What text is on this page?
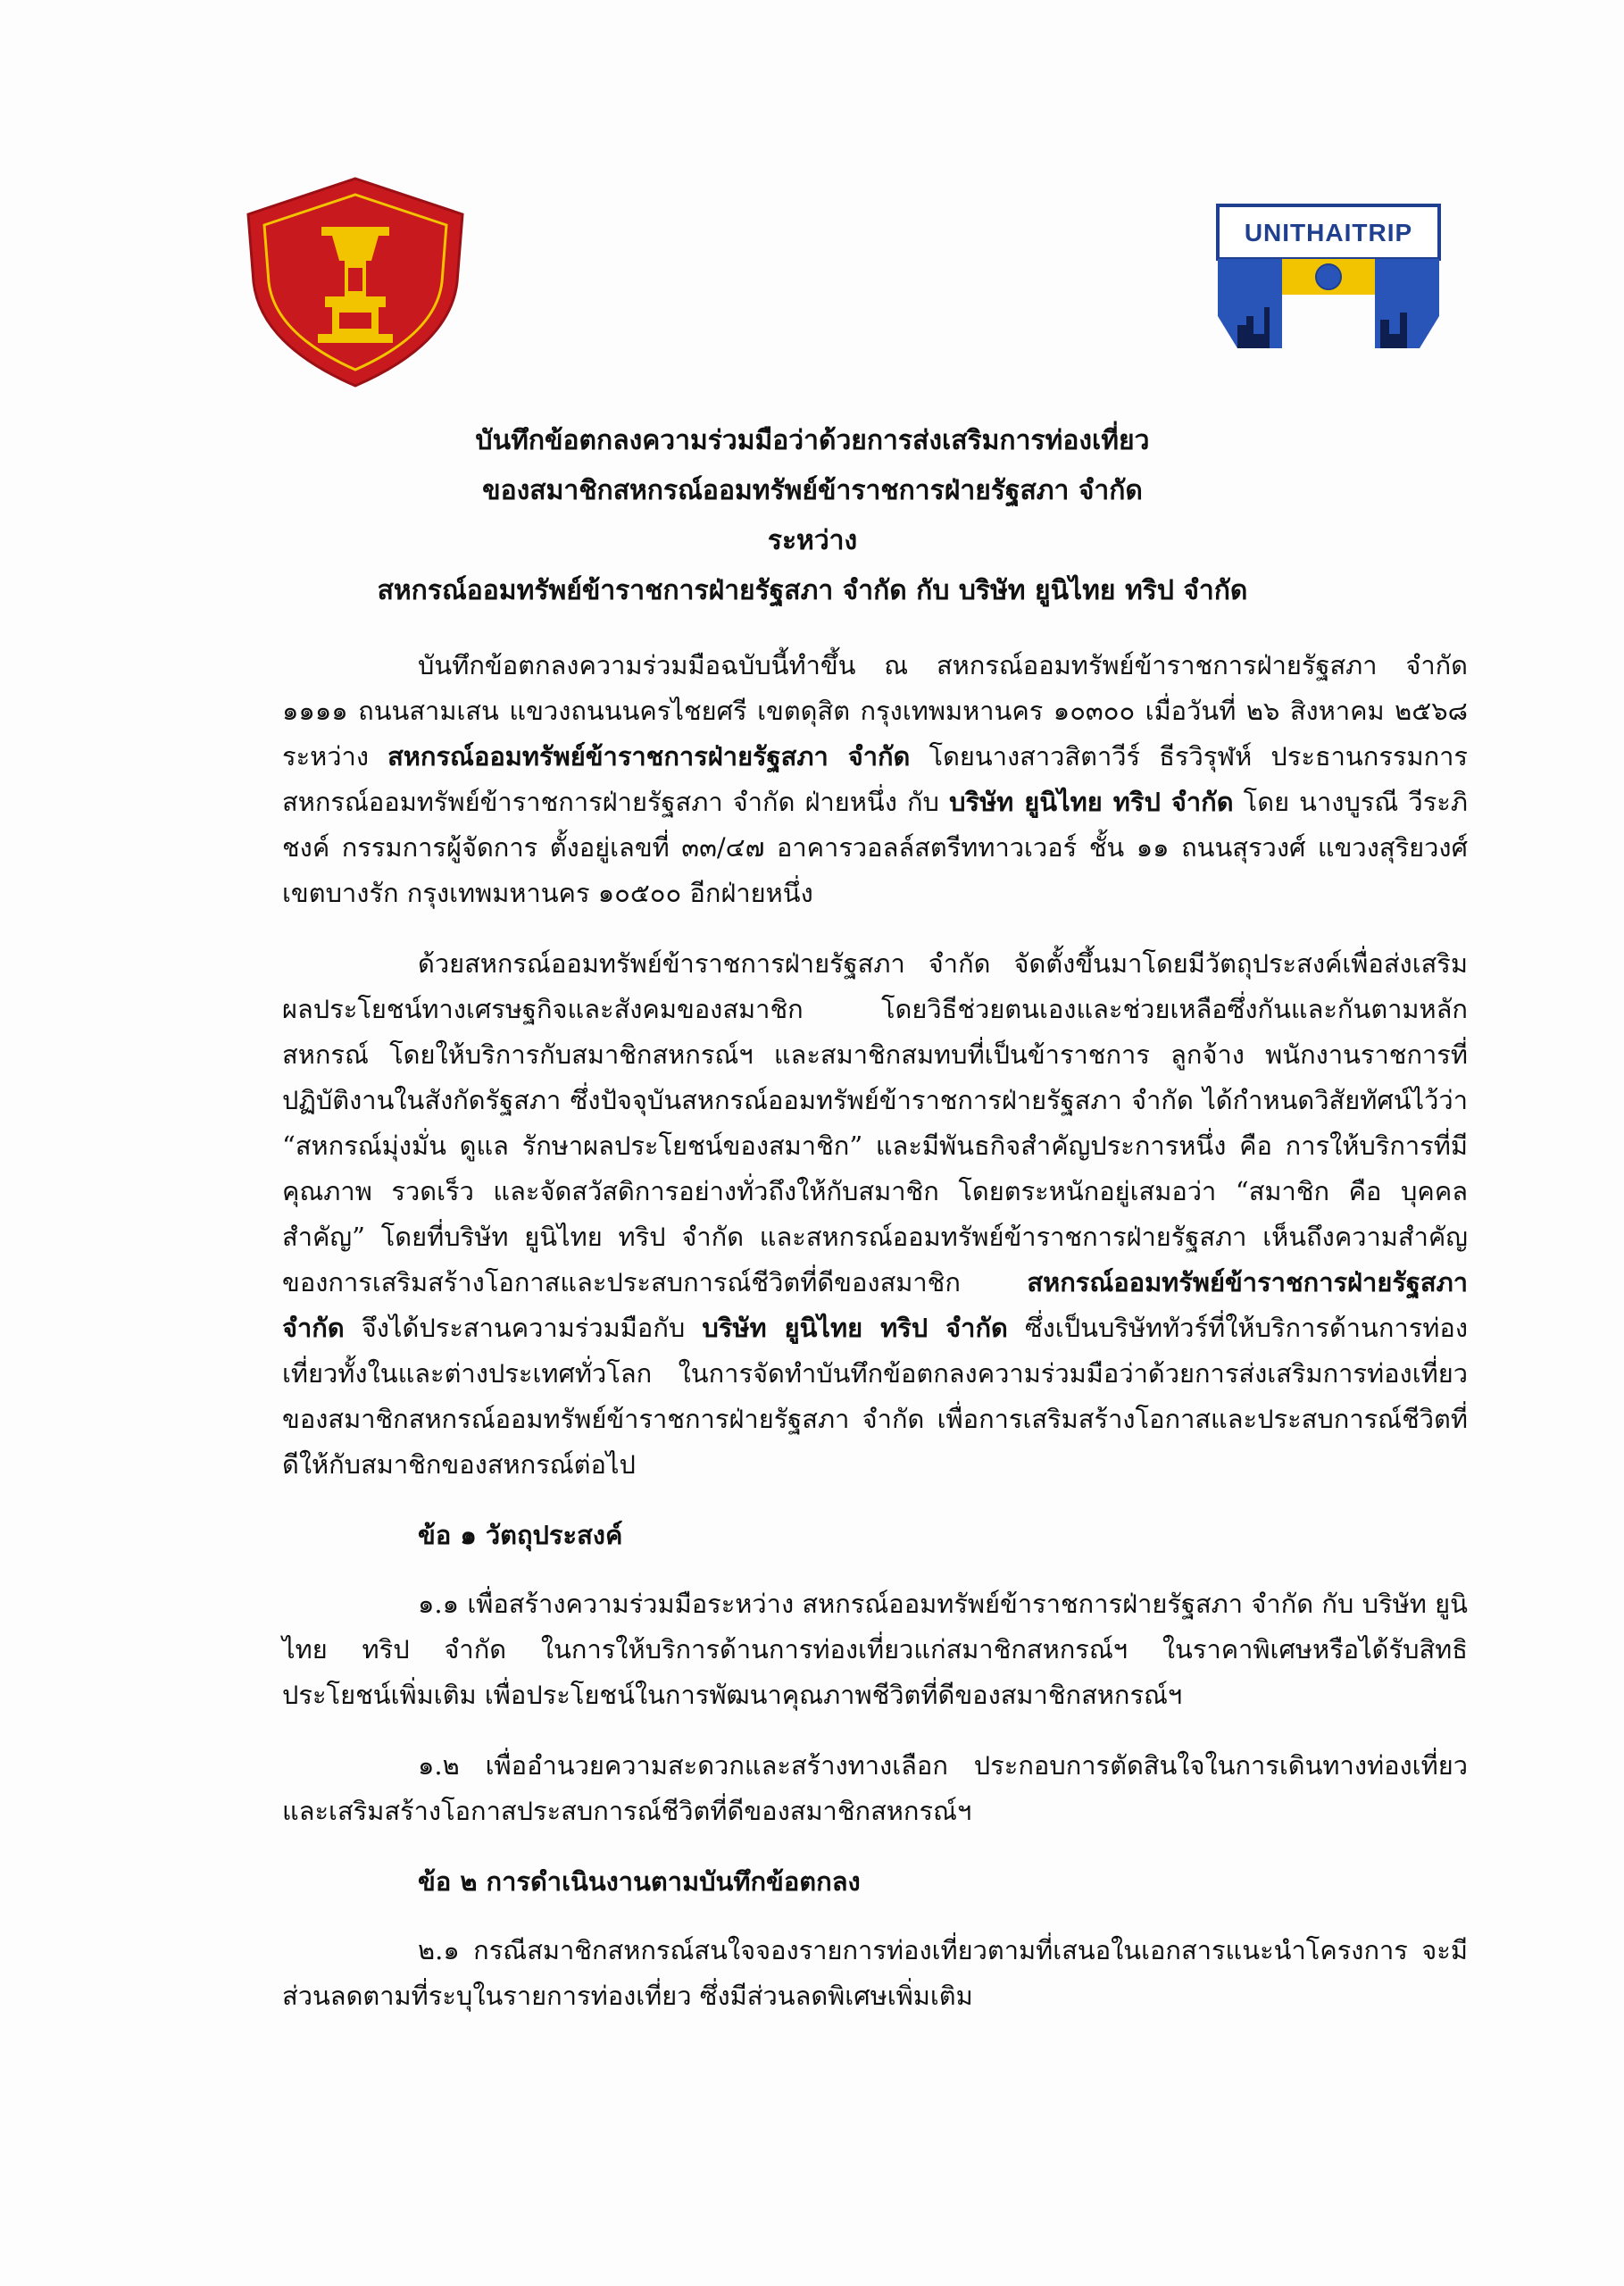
UNITHAITRIP
บันทึกข้อตกลงความร่วมมือว่าด้วยการส่งเสริมการท่องเที่ยว
ของสมาชิกสหกรณ์ออมทรัพย์ข้าราชการฝ่ายรัฐสภา จำกัด
ระหว่าง
สหกรณ์ออมทรัพย์ข้าราชการฝ่ายรัฐสภา จำกัด กับ บริษัท ยูนิไทย ทริป จำกัด

บันทึกข้อตกลงความร่วมมือฉบับนี้ทำขึ้น ณ สหกรณ์ออมทรัพย์ข้าราชการฝ่ายรัฐสภา จำกัด ๑๑๑๑ ถนนสามเสน แขวงถนนนครไชยศรี เขตดุสิต กรุงเทพมหานคร ๑๐๓๐๐ เมื่อวันที่ ๒๖ สิงหาคม ๒๕๖๘ ระหว่าง สหกรณ์ออมทรัพย์ข้าราชการฝ่ายรัฐสภา จำกัด โดยนางสาวสิตาวีร์ ธีรวิรุฬห์ ประธานกรรมการสหกรณ์ออมทรัพย์ข้าราชการฝ่ายรัฐสภา จำกัด ฝ่ายหนึ่ง กับ บริษัท ยูนิไทย ทริป จำกัด โดย นางบูรณี วีระภิชงค์ กรรมการผู้จัดการ ตั้งอยู่เลขที่ ๓๓/๔๗ อาคารวอลล์สตรีททาวเวอร์ ชั้น ๑๑ ถนนสุรวงศ์ แขวงสุริยวงศ์ เขตบางรัก กรุงเทพมหานคร ๑๐๕๐๐ อีกฝ่ายหนึ่ง

ด้วยสหกรณ์ออมทรัพย์ข้าราชการฝ่ายรัฐสภา จำกัด จัดตั้งขึ้นมาโดยมีวัตถุประสงค์เพื่อส่งเสริมผลประโยชน์ทางเศรษฐกิจและสังคมของสมาชิก โดยวิธีช่วยตนเองและช่วยเหลือซึ่งกันและกันตามหลักสหกรณ์ โดยให้บริการกับสมาชิกสหกรณ์ฯ และสมาชิกสมทบที่เป็นข้าราชการ ลูกจ้าง พนักงานราชการที่ปฏิบัติงานในสังกัดรัฐสภา ซึ่งปัจจุบันสหกรณ์ออมทรัพย์ข้าราชการฝ่ายรัฐสภา จำกัด ได้กำหนดวิสัยทัศน์ไว้ว่า “สหกรณ์มุ่งมั่น ดูแล รักษาผลประโยชน์ของสมาชิก” และมีพันธกิจสำคัญประการหนึ่ง คือ การให้บริการที่มีคุณภาพ รวดเร็ว และจัดสวัสดิการอย่างทั่วถึงให้กับสมาชิก โดยตระหนักอยู่เสมอว่า “สมาชิก คือ บุคคลสำคัญ” โดยที่บริษัท ยูนิไทย ทริป จำกัด และสหกรณ์ออมทรัพย์ข้าราชการฝ่ายรัฐสภา เห็นถึงความสำคัญของการเสริมสร้างโอกาสและประสบการณ์ชีวิตที่ดีของสมาชิก สหกรณ์ออมทรัพย์ข้าราชการฝ่ายรัฐสภา จำกัด จึงได้ประสานความร่วมมือกับ บริษัท ยูนิไทย ทริป จำกัด ซึ่งเป็นบริษัททัวร์ที่ให้บริการด้านการท่องเที่ยวทั้งในและต่างประเทศทั่วโลก ในการจัดทำบันทึกข้อตกลงความร่วมมือว่าด้วยการส่งเสริมการท่องเที่ยวของสมาชิกสหกรณ์ออมทรัพย์ข้าราชการฝ่ายรัฐสภา จำกัด เพื่อการเสริมสร้างโอกาสและประสบการณ์ชีวิตที่ดีให้กับสมาชิกของสหกรณ์ต่อไป

ข้อ ๑ วัตถุประสงค์

๑.๑ เพื่อสร้างความร่วมมือระหว่าง สหกรณ์ออมทรัพย์ข้าราชการฝ่ายรัฐสภา จำกัด กับ บริษัท ยูนิไทย ทริป จำกัด ในการให้บริการด้านการท่องเที่ยวแก่สมาชิกสหกรณ์ฯ ในราคาพิเศษหรือได้รับสิทธิประโยชน์เพิ่มเติม เพื่อประโยชน์ในการพัฒนาคุณภาพชีวิตที่ดีของสมาชิกสหกรณ์ฯ

๑.๒ เพื่ออำนวยความสะดวกและสร้างทางเลือก ประกอบการตัดสินใจในการเดินทางท่องเที่ยว และเสริมสร้างโอกาสประสบการณ์ชีวิตที่ดีของสมาชิกสหกรณ์ฯ

ข้อ ๒ การดำเนินงานตามบันทึกข้อตกลง

๒.๑ กรณีสมาชิกสหกรณ์สนใจจองรายการท่องเที่ยวตามที่เสนอในเอกสารแนะนำโครงการ จะมีส่วนลดตามที่ระบุในรายการท่องเที่ยว ซึ่งมีส่วนลดพิเศษเพิ่มเติม
